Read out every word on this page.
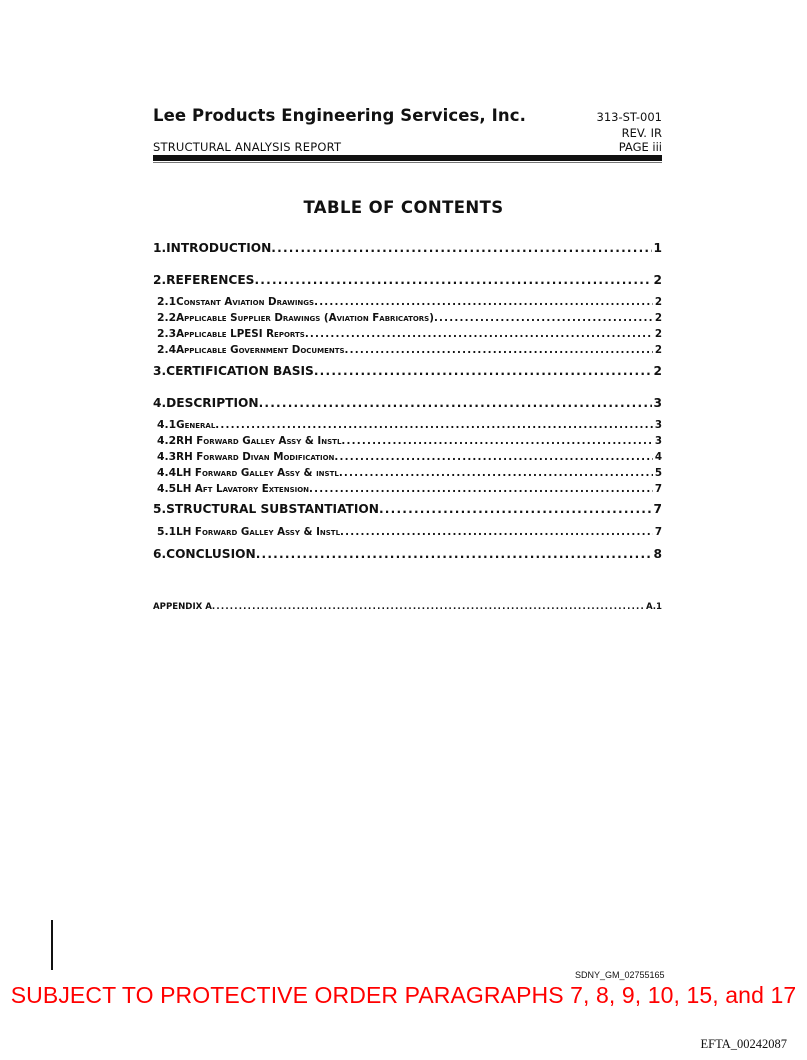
Lee Products Engineering Services, Inc.	313-ST-001
REV. IR
STRUCTURAL ANALYSIS REPORT	PAGE iii
TABLE OF CONTENTS
1. INTRODUCTION .....	1
2. REFERENCES .....	2
2.1 Constant Aviation Drawings .....	2
2.2 Applicable Supplier Drawings (Aviation Fabricators) .....	2
2.3 Applicable LPESI Reports .....	2
2.4 Applicable Government Documents .....	2
3. CERTIFICATION BASIS .....	2
4. DESCRIPTION .....	3
4.1 General .....	3
4.2 RH Forward Galley Assy & Instl .....	3
4.3 RH Forward Divan Modification .....	4
4.4 LH Forward Galley Assy & instl .....	5
4.5 LH Aft Lavatory Extension .....	7
5. STRUCTURAL SUBSTANTIATION .....	7
5.1 LH Forward Galley Assy & Instl .....	7
6. CONCLUSION .....	8
APPENDIX A .....	A.1
SDNY_GM_02755165
SUBJECT TO PROTECTIVE ORDER PARAGRAPHS 7, 8, 9, 10, 15, and 17
EFTA_00242087
